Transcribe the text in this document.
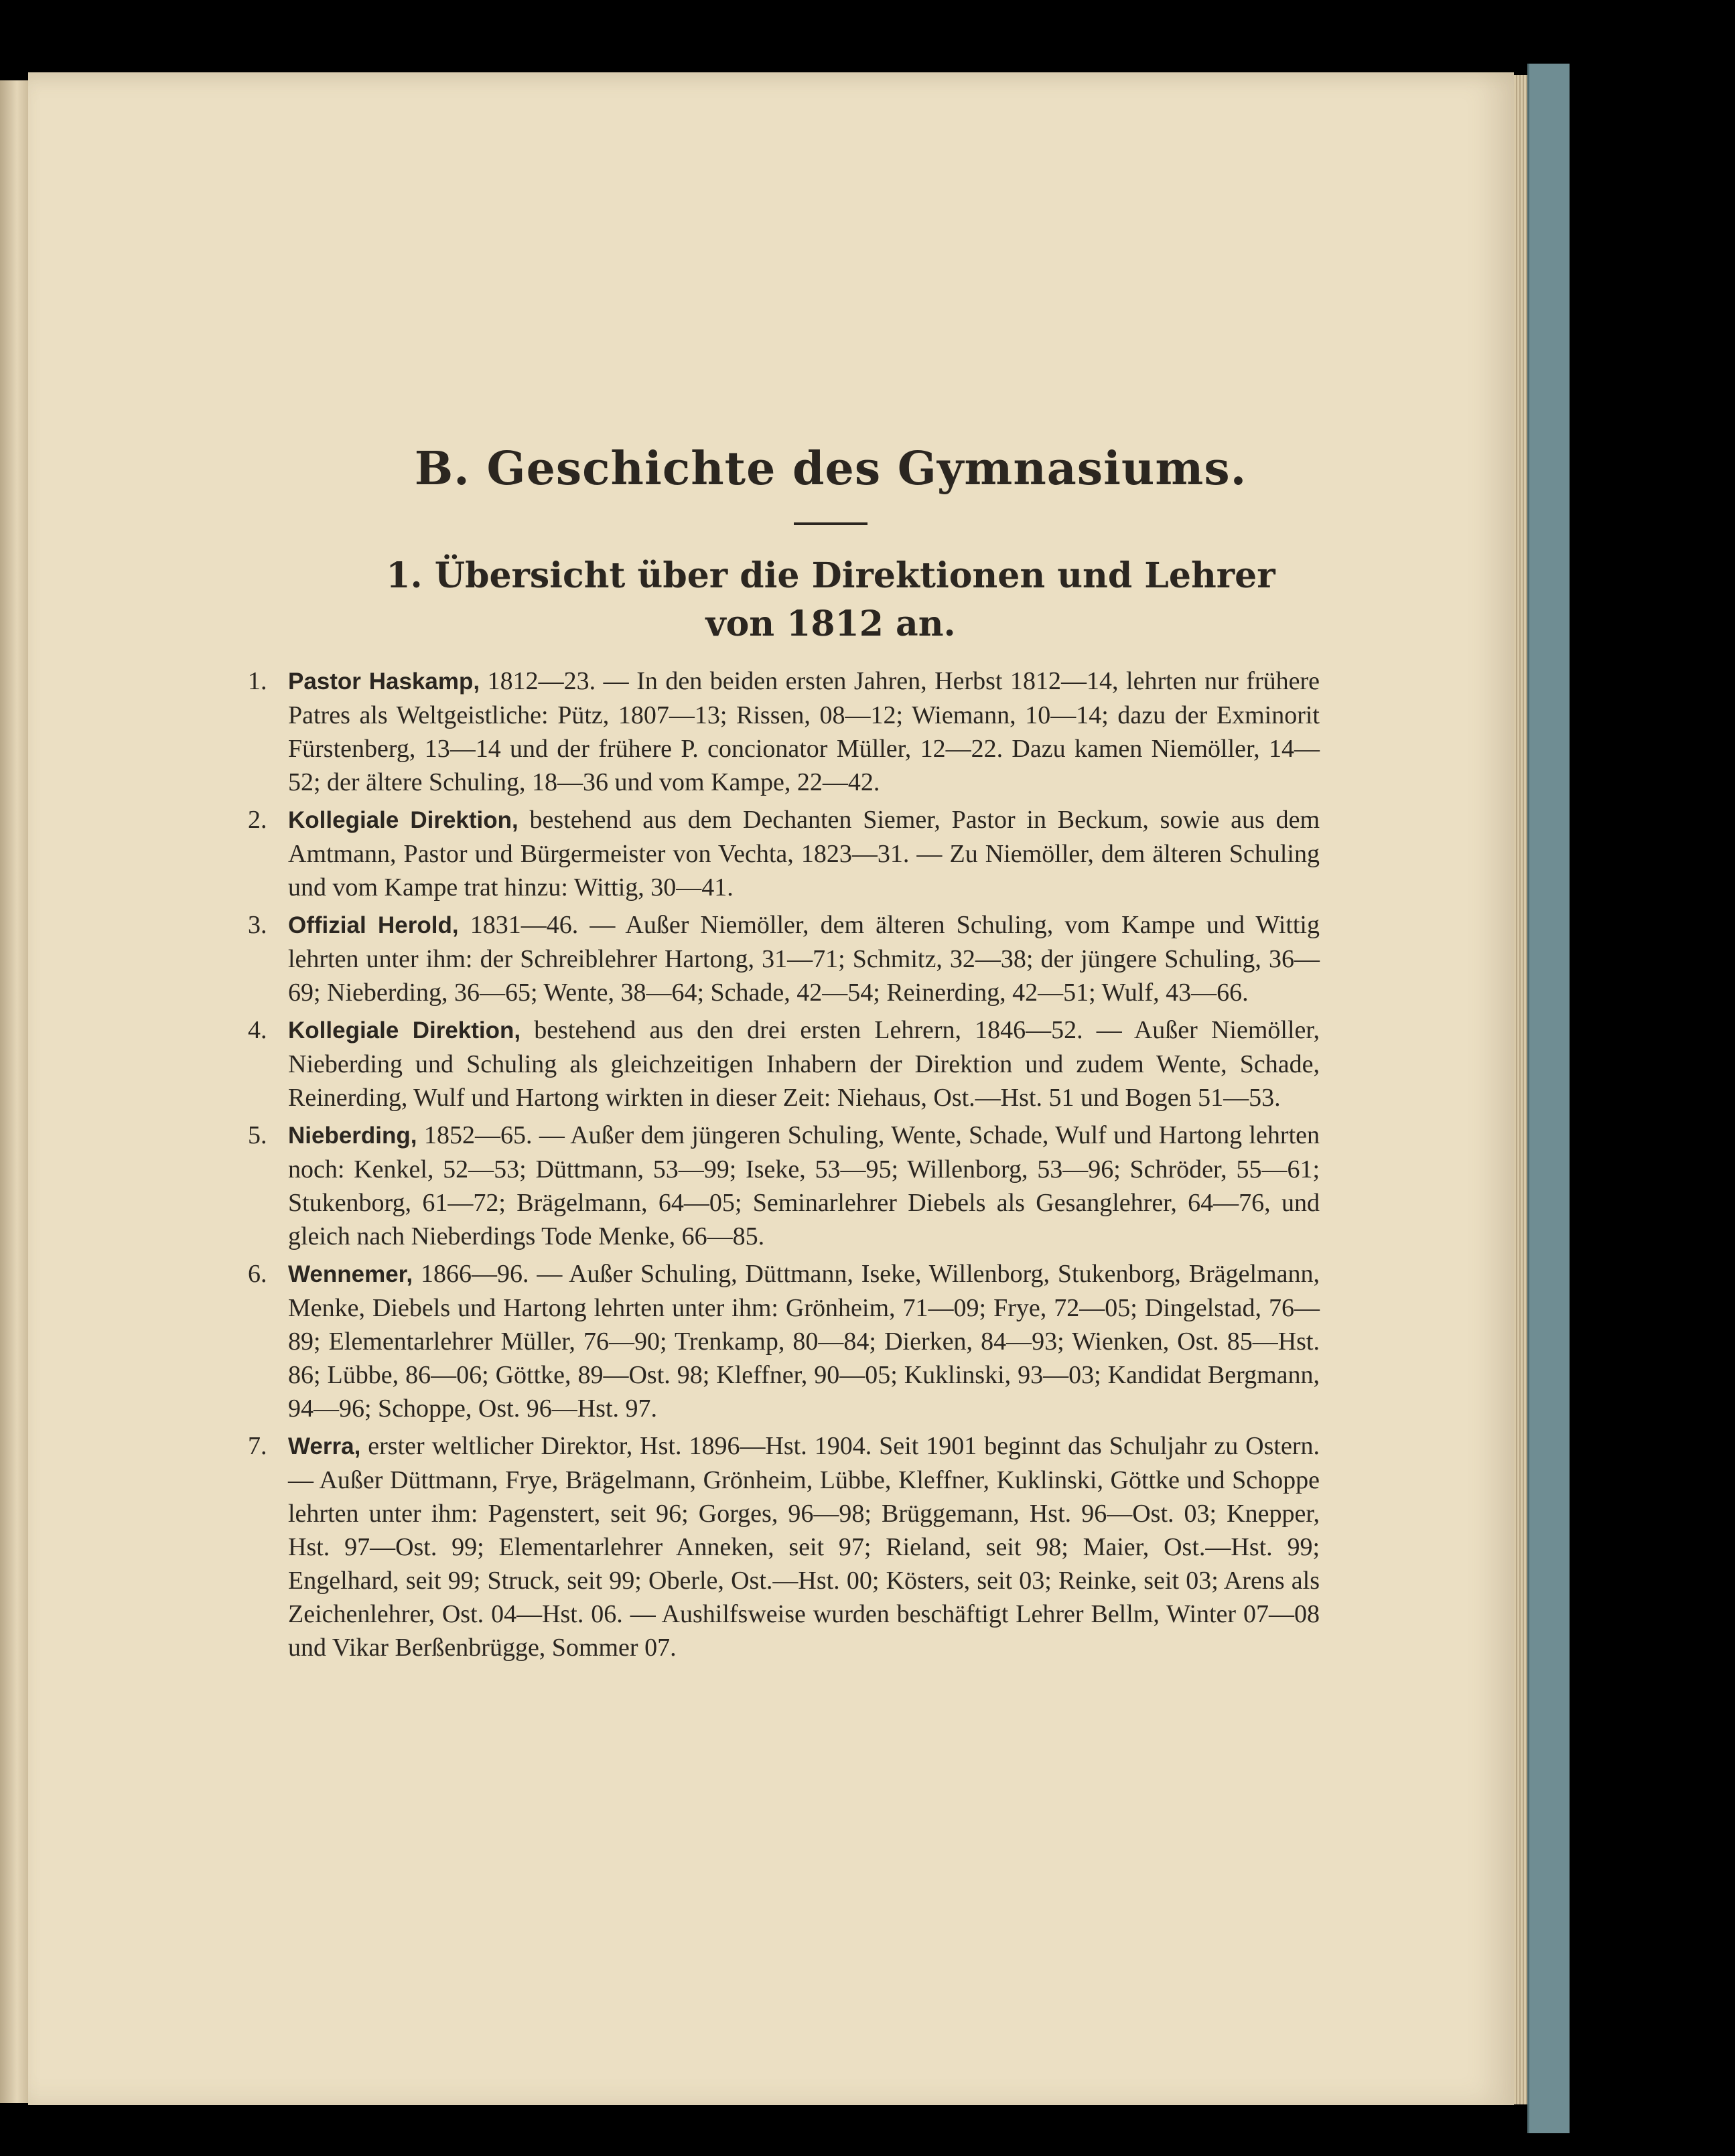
B. Geschichte des Gymnasiums.
1. Übersicht über die Direktionen und Lehrer
von 1812 an.
1. Pastor Haskamp, 1812—23. — In den beiden ersten Jahren, Herbst 1812—14, lehrten nur frühere Patres als Weltgeistliche: Pütz, 1807—13; Rissen, 08—12; Wiemann, 10—14; dazu der Exminorit Fürstenberg, 13—14 und der frühere P. concionator Müller, 12—22. Dazu kamen Niemöller, 14—52; der ältere Schuling, 18—36 und vom Kampe, 22—42.
2. Kollegiale Direktion, bestehend aus dem Dechanten Siemer, Pastor in Beckum, sowie aus dem Amtmann, Pastor und Bürgermeister von Vechta, 1823—31. — Zu Niemöller, dem älteren Schuling und vom Kampe trat hinzu: Wittig, 30—41.
3. Offizial Herold, 1831—46. — Außer Niemöller, dem älteren Schuling, vom Kampe und Wittig lehrten unter ihm: der Schreiblehrer Hartong, 31—71; Schmitz, 32—38; der jüngere Schuling, 36—69; Nieberding, 36—65; Wente, 38—64; Schade, 42—54; Reinerding, 42—51; Wulf, 43—66.
4. Kollegiale Direktion, bestehend aus den drei ersten Lehrern, 1846—52. — Außer Niemöller, Nieberding und Schuling als gleichzeitigen Inhabern der Direktion und zudem Wente, Schade, Reinerding, Wulf und Hartong wirkten in dieser Zeit: Niehaus, Ost.—Hst. 51 und Bogen 51—53.
5. Nieberding, 1852—65. — Außer dem jüngeren Schuling, Wente, Schade, Wulf und Hartong lehrten noch: Kenkel, 52—53; Düttmann, 53—99; Iseke, 53—95; Willenborg, 53—96; Schröder, 55—61; Stukenborg, 61—72; Brägelmann, 64—05; Seminarlehrer Diebels als Gesanglehrer, 64—76, und gleich nach Nieberdings Tode Menke, 66—85.
6. Wennemer, 1866—96. — Außer Schuling, Düttmann, Iseke, Willenborg, Stukenborg, Brägelmann, Menke, Diebels und Hartong lehrten unter ihm: Grönheim, 71—09; Frye, 72—05; Dingelstad, 76—89; Elementarlehrer Müller, 76—90; Trenkamp, 80—84; Dierken, 84—93; Wienken, Ost. 85—Hst. 86; Lübbe, 86—06; Göttke, 89—Ost. 98; Kleffner, 90—05; Kuklinski, 93—03; Kandidat Bergmann, 94—96; Schoppe, Ost. 96—Hst. 97.
7. Werra, erster weltlicher Direktor, Hst. 1896—Hst. 1904. Seit 1901 beginnt das Schuljahr zu Ostern. — Außer Düttmann, Frye, Brägelmann, Grönheim, Lübbe, Kleffner, Kuklinski, Göttke und Schoppe lehrten unter ihm: Pagenstert, seit 96; Gorges, 96—98; Brüggemann, Hst. 96—Ost. 03; Knepper, Hst. 97—Ost. 99; Elementarlehrer Anneken, seit 97; Rieland, seit 98; Maier, Ost.—Hst. 99; Engelhard, seit 99; Struck, seit 99; Oberle, Ost.—Hst. 00; Kösters, seit 03; Reinke, seit 03; Arens als Zeichenlehrer, Ost. 04—Hst. 06. — Aushilfsweise wurden beschäftigt Lehrer Bellm, Winter 07—08 und Vikar Berßenbrügge, Sommer 07.
